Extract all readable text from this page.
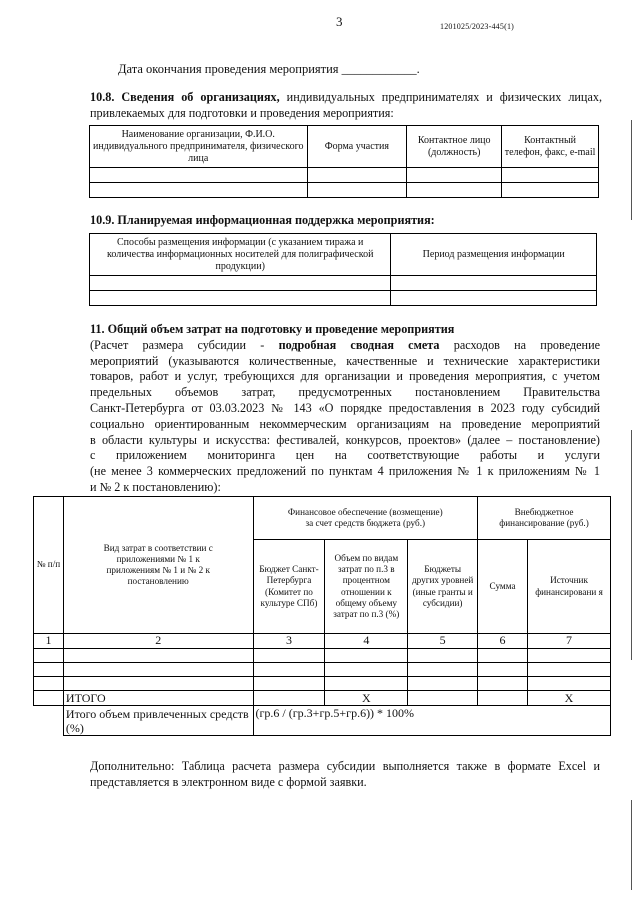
3	1201025/2023-445(1)
Дата окончания проведения мероприятия ____________.
10.8. Сведения об организациях, индивидуальных предпринимателях и физических лицах,
привлекаемых для подготовки и проведения мероприятия:
Наименование организации, Ф.И.О. индивидуального предпринимателя, физического лица	Форма участия	Контактное лицо (должность)	Контактный телефон, факс, e-mail

10.9. Планируемая информационная поддержка мероприятия:
Способы размещения информации (с указанием тиража и количества информационных носителей для полиграфической продукции)	Период размещения информации

11. Общий объем затрат на подготовку и проведение мероприятия
(Расчет размера субсидии - подробная сводная смета расходов на проведение
мероприятий (указываются количественные, качественные и технические характеристики
товаров, работ и услуг, требующихся для организации и проведения мероприятия, с учетом
предельных объемов затрат, предусмотренных постановлением Правительства
Санкт-Петербурга от 03.03.2023 № 143 «О порядке предоставления в 2023 году субсидий
социально ориентированным некоммерческим организациям на проведение мероприятий
в области культуры и искусства: фестивалей, конкурсов, проектов» (далее – постановление)
с приложением мониторинга цен на соответствующие работы и услуги
(не менее 3 коммерческих предложений по пунктам 4 приложения № 1 к приложениям № 1
и № 2 к постановлению):
№ п/п	Вид затрат в соответствии с приложениями № 1 к приложениям № 1 и № 2 к постановлению	Финансовое обеспечение (возмещение) за счет средств бюджета (руб.)			Внебюджетное финансирование (руб.)	
		Бюджет Санкт-Петербурга (Комитет по культуре СПб)	Объем по видам затрат по п.3 в процентном отношении к общему объему затрат по п.3 (%)	Бюджеты других уровней (иные гранты и субсидии)	Сумма	Источник финансировани я
1	2	3	4	5	6	7

	ИТОГО		Х			Х
	Итого объем привлеченных средств (%)	(гр.6 / (гр.3+гр.5+гр.6)) * 100%				
Дополнительно: Таблица расчета размера субсидии выполняется также в формате Excel и представляется в электронном виде с формой заявки.
